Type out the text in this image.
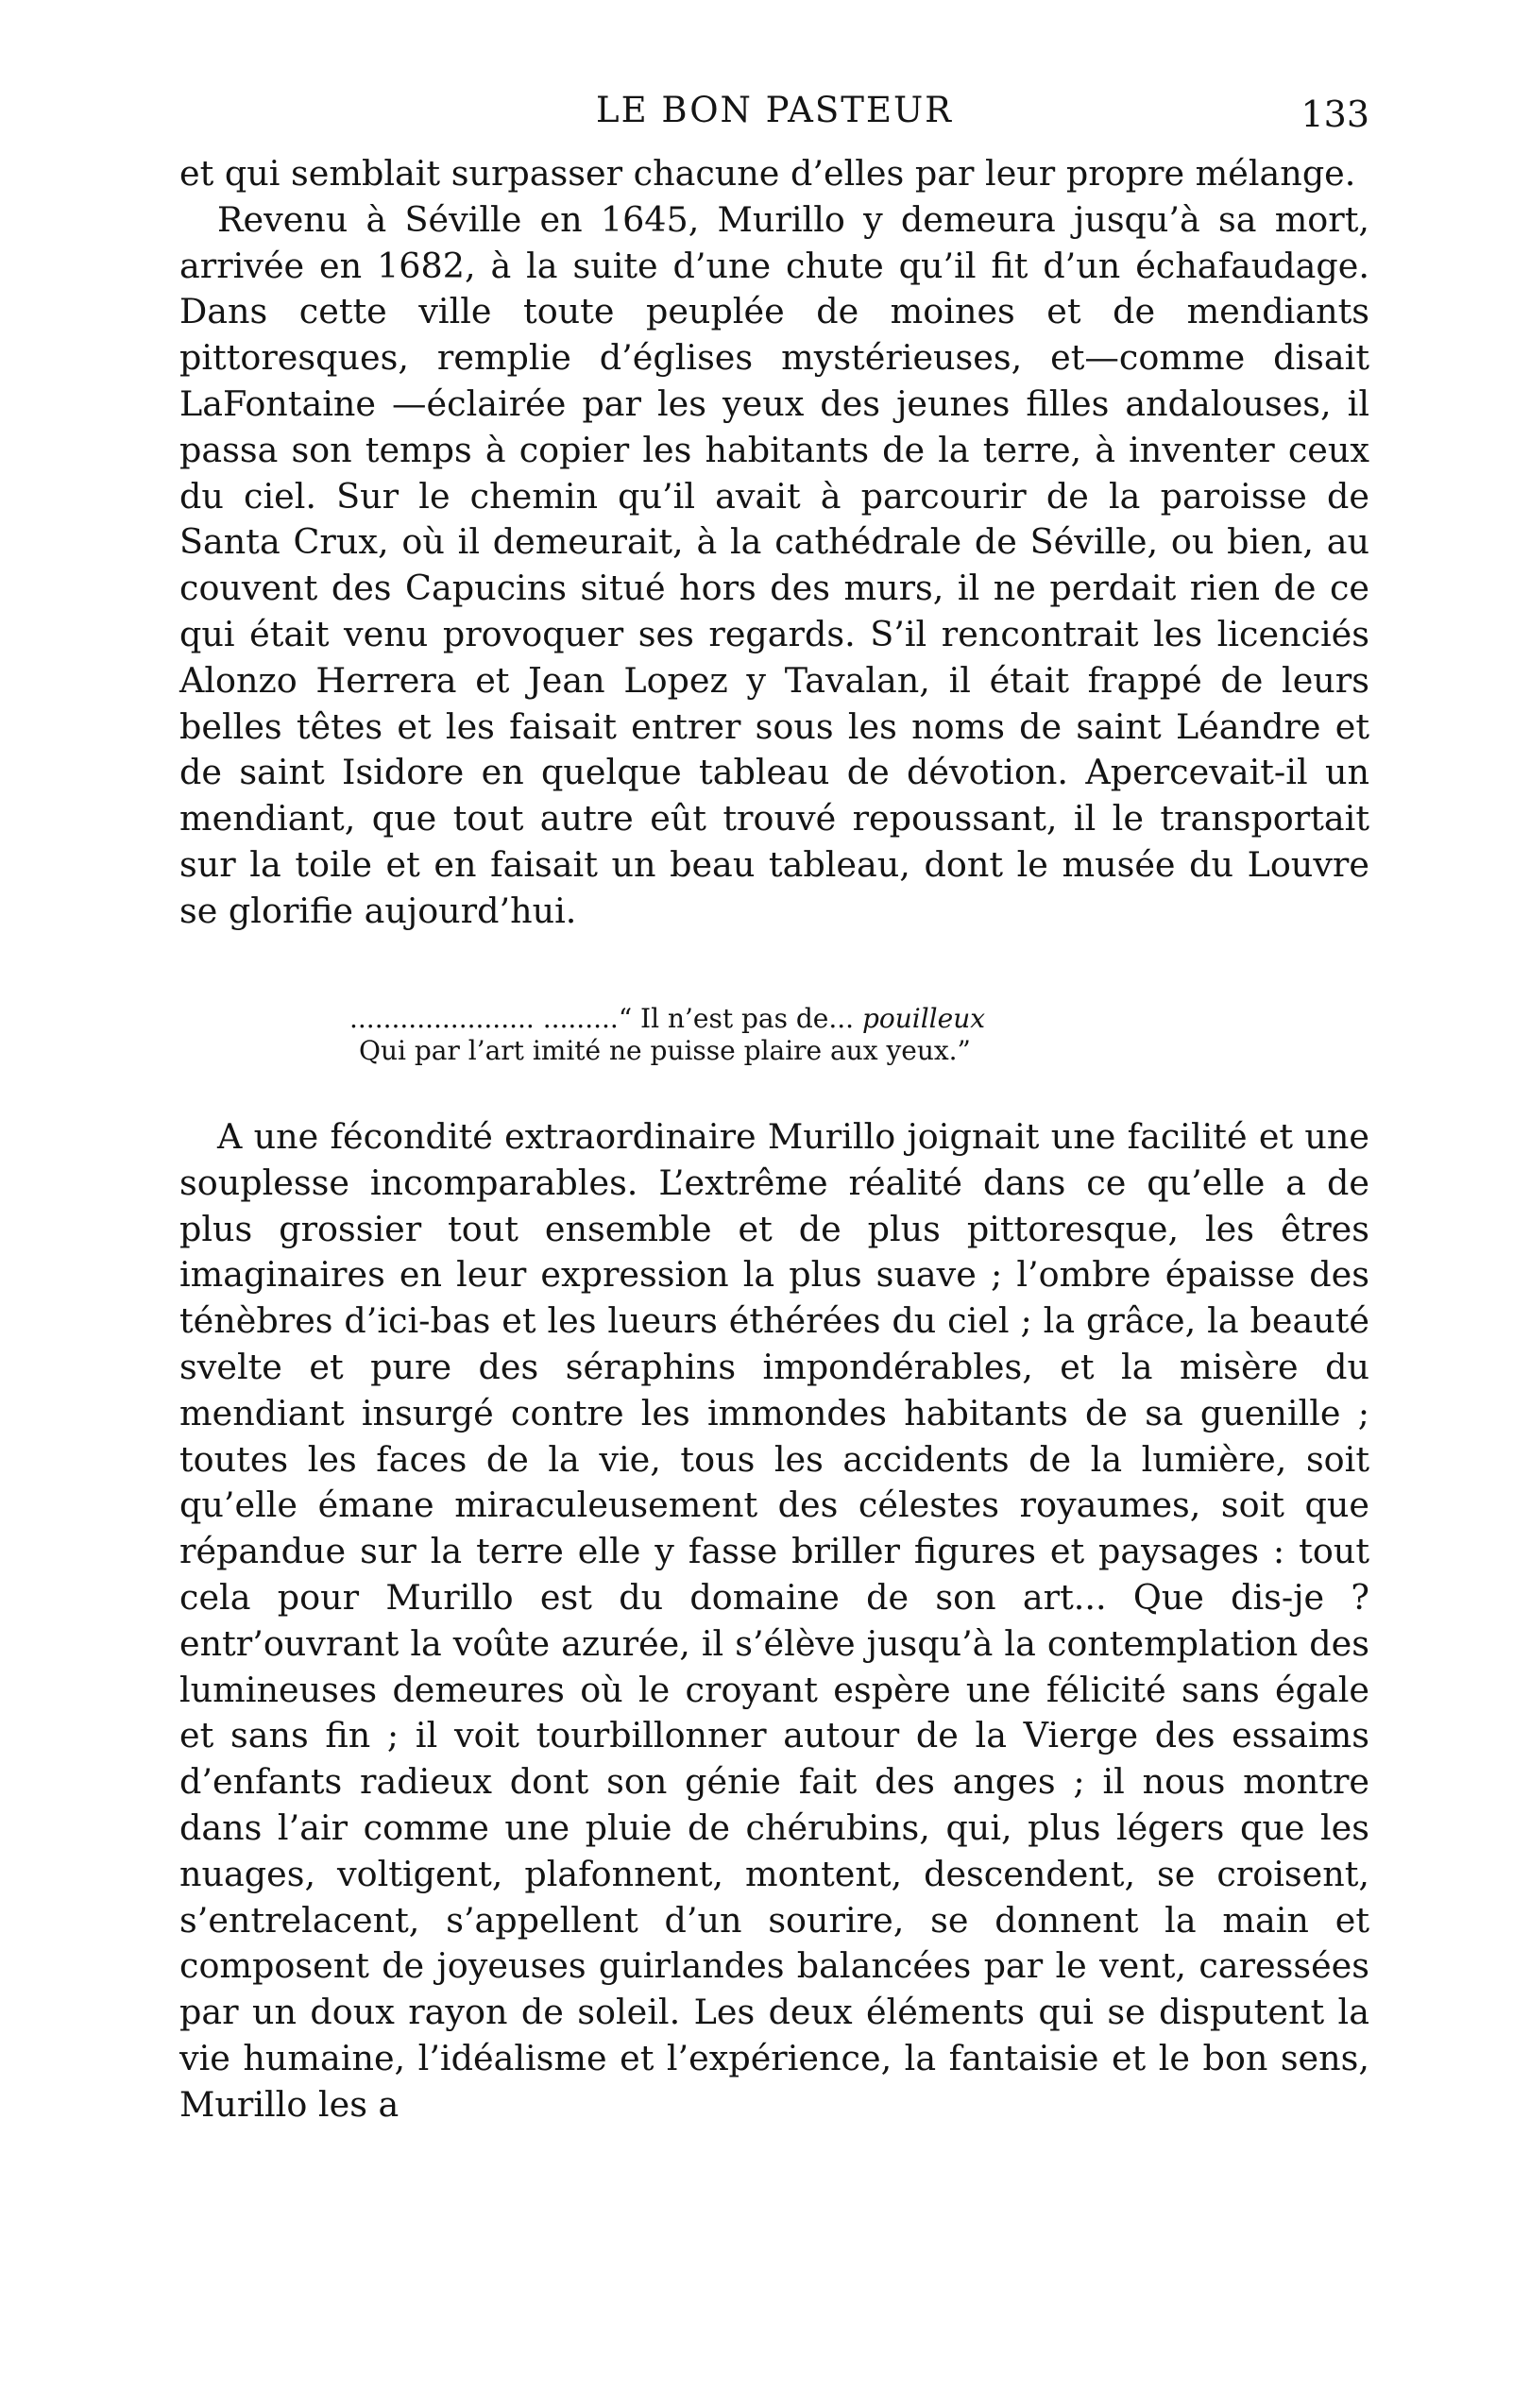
LE BON PASTEUR	133

et qui semblait surpasser chacune d’elles par leur propre mélange.

Revenu à Séville en 1645, Murillo y demeura jusqu’à sa mort, arrivée en 1682, à la suite d’une chute qu’il fit d’un échafaudage. Dans cette ville toute peuplée de moines et de mendiants pittoresques, remplie d’églises mystérieuses, et—comme disait LaFontaine —éclairée par les yeux des jeunes filles andalouses, il passa son temps à copier les habitants de la terre, à inventer ceux du ciel. Sur le chemin qu’il avait à parcourir de la paroisse de Santa Crux, où il demeurait, à la cathédrale de Séville, ou bien, au couvent des Capucins situé hors des murs, il ne perdait rien de ce qui était venu provoquer ses regards. S’il rencontrait les licenciés Alonzo Herrera et Jean Lopez y Tavalan, il était frappé de leurs belles têtes et les faisait entrer sous les noms de saint Léandre et de saint Isidore en quelque tableau de dévotion. Apercevait-il un mendiant, que tout autre eût trouvé repoussant, il le transportait sur la toile et en faisait un beau tableau, dont le musée du Louvre se glorifie aujourd’hui.

...................... .........“ Il n’est pas de... pouilleux
Qui par l’art imité ne puisse plaire aux yeux.”

A une fécondité extraordinaire Murillo joignait une facilité et une souplesse incomparables. L’extrême réalité dans ce qu’elle a de plus grossier tout ensemble et de plus pittoresque, les êtres imaginaires en leur expression la plus suave ; l’ombre épaisse des ténèbres d’ici-bas et les lueurs éthérées du ciel ; la grâce, la beauté svelte et pure des séraphins impondérables, et la misère du mendiant insurgé contre les immondes habitants de sa guenille ; toutes les faces de la vie, tous les accidents de la lumière, soit qu’elle émane miraculeusement des célestes royaumes, soit que répandue sur la terre elle y fasse briller figures et paysages : tout cela pour Murillo est du domaine de son art... Que dis-je ? entr’ouvrant la voûte azurée, il s’élève jusqu’à la contemplation des lumineuses demeures où le croyant espère une félicité sans égale et sans fin ; il voit tourbillonner autour de la Vierge des essaims d’enfants radieux dont son génie fait des anges ; il nous montre dans l’air comme une pluie de chérubins, qui, plus légers que les nuages, voltigent, plafonnent, montent, descendent, se croisent, s’entrelacent, s’appellent d’un sourire, se donnent la main et composent de joyeuses guirlandes balancées par le vent, caressées par un doux rayon de soleil. Les deux éléments qui se disputent la vie humaine, l’idéalisme et l’expérience, la fantaisie et le bon sens, Murillo les a
